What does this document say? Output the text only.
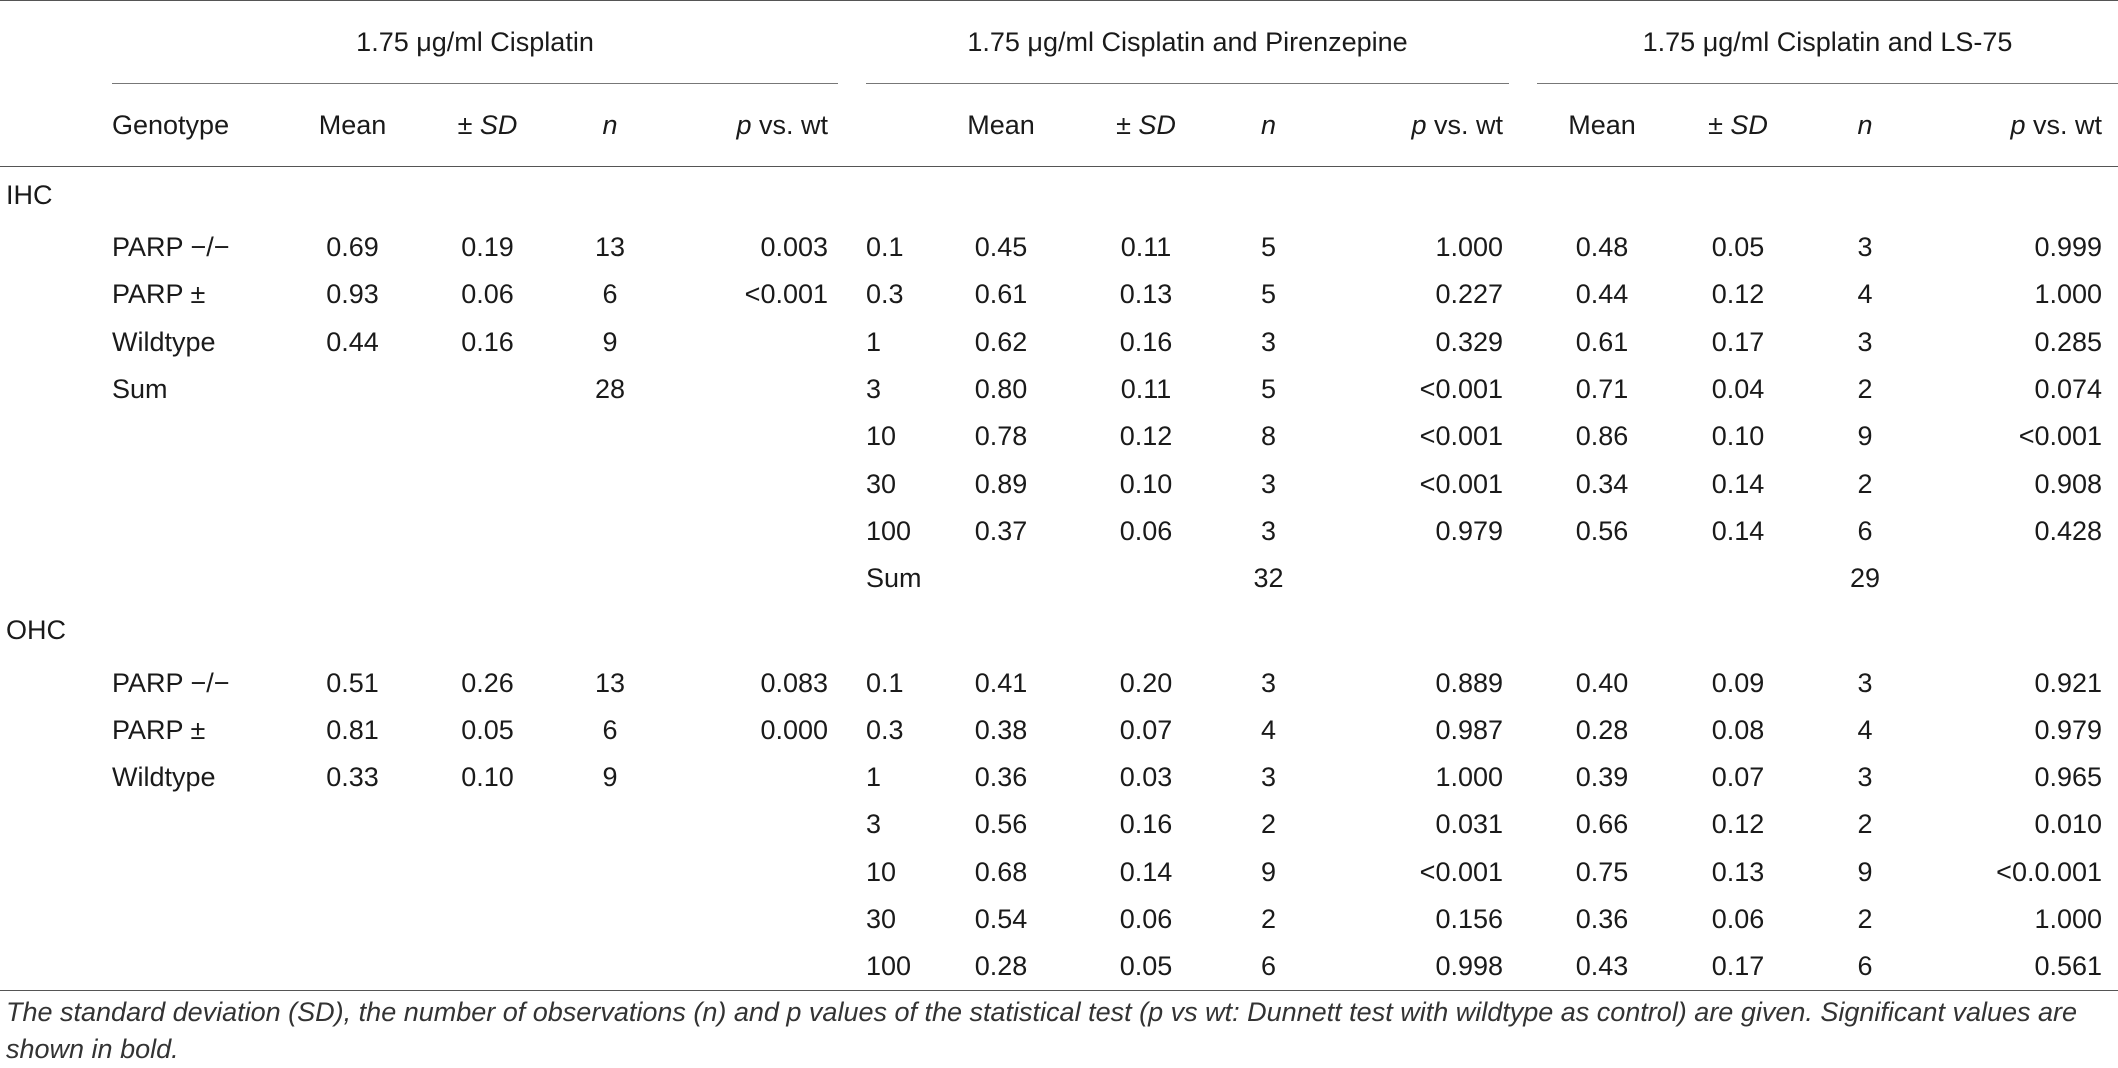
	1.75 μg/ml Cisplatin						1.75 μg/ml Cisplatin and Pirenzepine						1.75 μg/ml Cisplatin and LS-75			
	Genotype	Mean	± SD	n	p vs. wt			Mean	± SD	n	p vs. wt		Mean	± SD	n	p vs. wt
IHC																
	PARP −/−	0.69	0.19	13	0.003		0.1	0.45	0.11	5	1.000		0.48	0.05	3	0.999
	PARP ±	0.93	0.06	6	<0.001		0.3	0.61	0.13	5	0.227		0.44	0.12	4	1.000
	Wildtype	0.44	0.16	9			1	0.62	0.16	3	0.329		0.61	0.17	3	0.285
	Sum			28			3	0.80	0.11	5	<0.001		0.71	0.04	2	0.074
							10	0.78	0.12	8	<0.001		0.86	0.10	9	<0.001
							30	0.89	0.10	3	<0.001		0.34	0.14	2	0.908
							100	0.37	0.06	3	0.979		0.56	0.14	6	0.428
							Sum			32					29	
OHC																
	PARP −/−	0.51	0.26	13	0.083		0.1	0.41	0.20	3	0.889		0.40	0.09	3	0.921
	PARP ±	0.81	0.05	6	0.000		0.3	0.38	0.07	4	0.987		0.28	0.08	4	0.979
	Wildtype	0.33	0.10	9			1	0.36	0.03	3	1.000		0.39	0.07	3	0.965
							3	0.56	0.16	2	0.031		0.66	0.12	2	0.010
							10	0.68	0.14	9	<0.001		0.75	0.13	9	<0.0.001
							30	0.54	0.06	2	0.156		0.36	0.06	2	1.000
							100	0.28	0.05	6	0.998		0.43	0.17	6	0.561
The standard deviation (SD), the number of observations (n) and p values of the statistical test (p vs wt: Dunnett test with wildtype as control) are given. Significant values are shown in bold.
